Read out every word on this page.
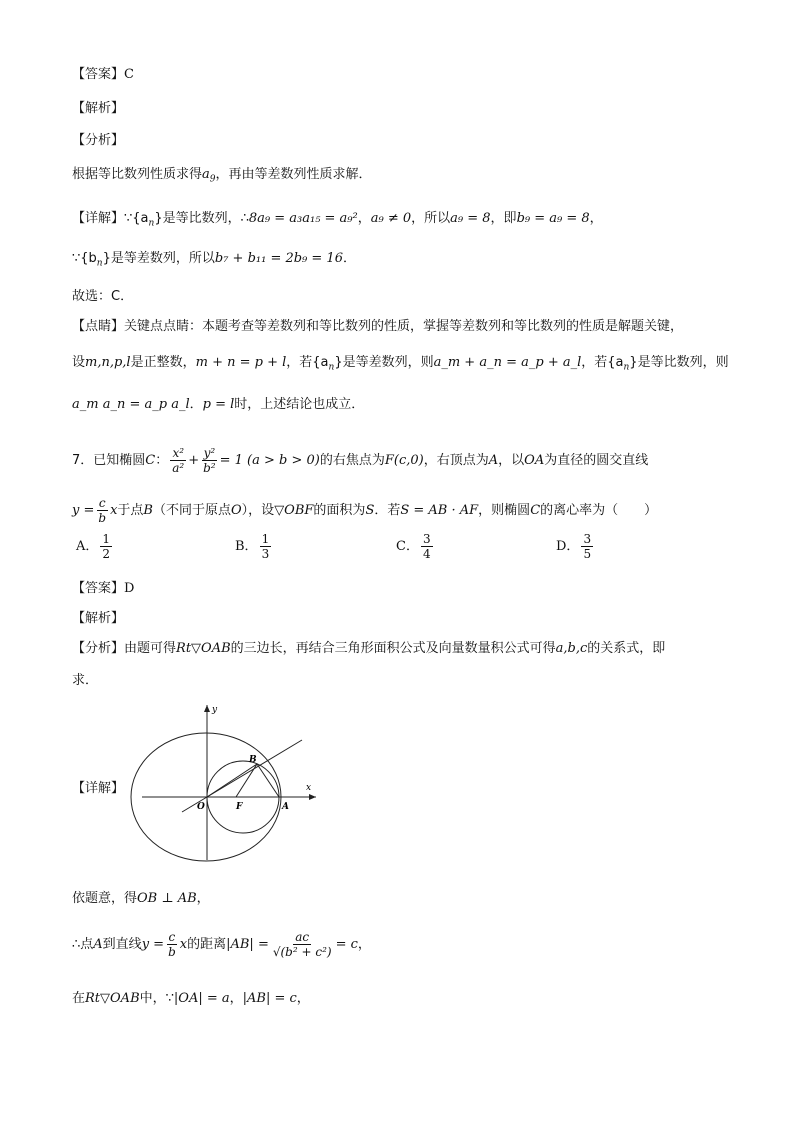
【答案】C
【解析】
【分析】
根据等比数列性质求得$a_9$，再由等差数列性质求解．
【详解】$\because\{a_n\}$是等比数列，∴8a₉ = a₃a₁₅ = a₉²，a₉ ≠ 0，所以a₉ = 8，即b₉ = a₉ = 8，
$\because\{b_n\}$是等差数列，所以b₇ + b₁₁ = 2b₉ = 16．
故选：C．
【点睛】关键点点睛：本题考查等差数列和等比数列的性质，掌握等差数列和等比数列的性质是解题关键，
设m,n,p,l是正整数，m + n = p + l，若$\{a_n\}$是等差数列，则a_m + a_n = a_p + a_l，若$\{a_n\}$是等比数列，则
a_m a_n = a_p a_l．p = l时，上述结论也成立．
7．已知椭圆C： $\frac{\text{x²}}{\text{a²}} + \frac{\text{y²}}{\text{b²}} = 1$ (a > b > 0)的右焦点为F(c,0)，右顶点为A，以OA为直径的圆交直线
$y = \frac{c}{b}$ x于点B（不同于原点O），设▽OBF的面积为S．若S = AB · AF，则椭圆C的离心率为（　　）
A． $\frac{1}{2}$	B． $\frac{1}{3}$	C． $\frac{3}{4}$	D． $\frac{3}{5}$
【答案】D
【解析】
【分析】由题可得Rt▽OAB的三边长，再结合三角形面积公式及向量数量积公式可得a,b,c的关系式，即
求．
【详解】
y
x
B
O	F	A
依题意，得OB ⊥ AB，
∴点A到直线$y = \frac{c}{b}$ x的距离$|AB| = \frac{ac}{\text{√(b² + c²)}} = c$，
在Rt▽OAB中，∵|OA| = a，|AB| = c，
